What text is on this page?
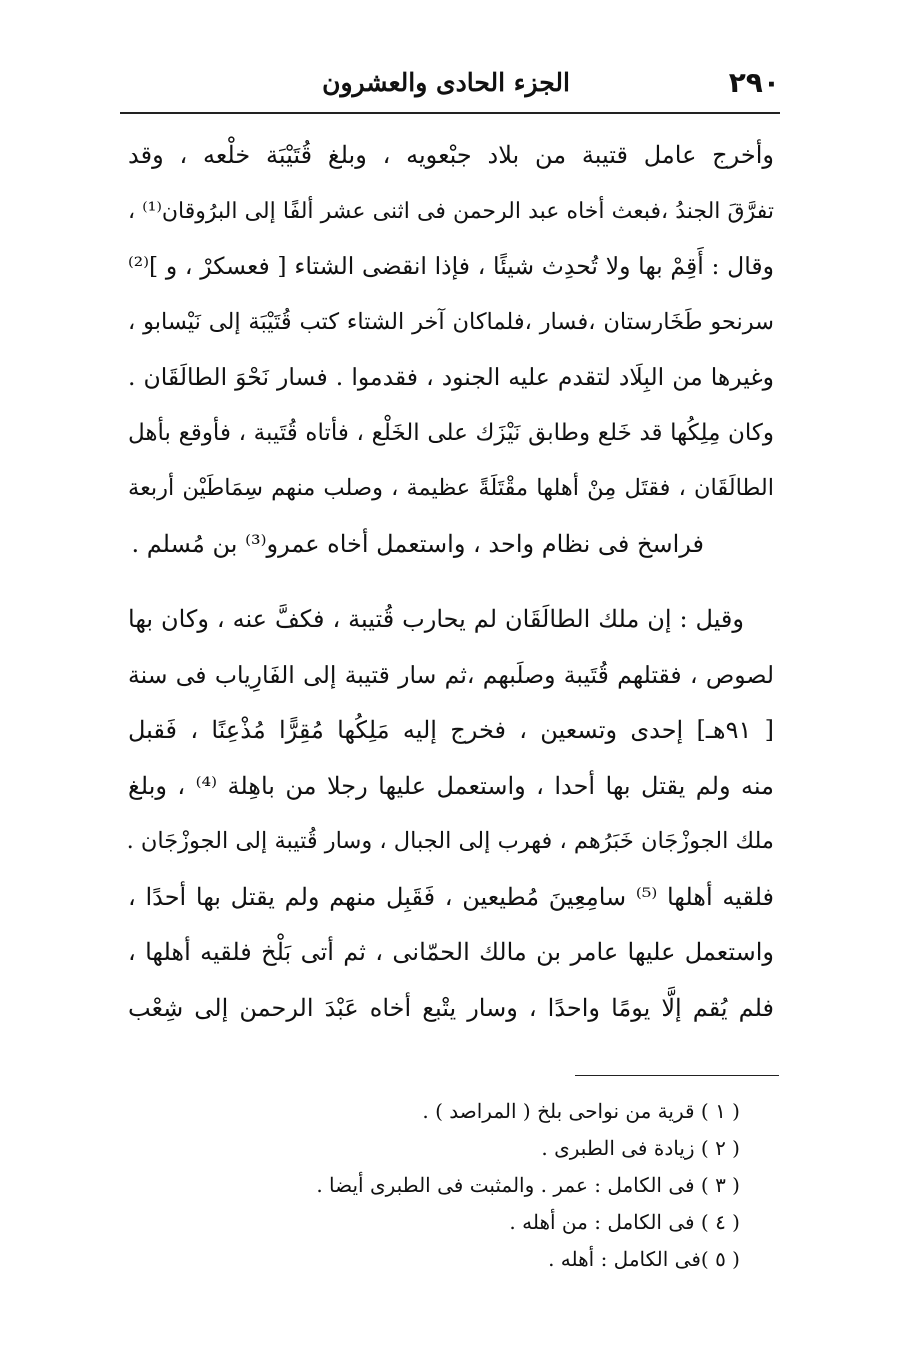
٢٩٠
الجزء الحادى والعشرون
وأخرج عامل قتيبة من بلاد جبْعويه ، وبلغ قُتَيْبَة خلْعه ، وقد
تفرَّقَ الجندُ ،فبعث أخاه عبد الرحمن فى اثنى عشر ألفًا إلى البرُوقان⁽¹⁾ ،
وقال : أَقِمْ بها ولا تُحدِث شيئًا ، فإذا انقضى الشتاء [ فعسكرْ ، و ]⁽²⁾
سرنحو طَخَارستان ،فسار ،فلماكان آخر الشتاء كتب قُتَيْبَة إلى نَيْسابو ،
وغيرها من البِلَاد لتقدم عليه الجنود ، فقدموا . فسار نَحْوَ الطالَقَان .
وكان مِلِكُها قد خَلع وطابق نَيْزَك على الخَلْع ، فأتاه قُتَيبة ، فأوقع بأهل
الطالَقَان ، فقتَل مِنْ أهلها مقْتَلَةً عظيمة ، وصلب منهم سِمَاطَيْن أربعة
فراسخ فى نظام واحد ، واستعمل أخاه عمرو⁽³⁾ بن مُسلم .
وقيل : إن ملك الطالَقَان لم يحارب قُتيبة ، فكفَّ عنه ، وكان بها
لصوص ، فقتلهم قُتَيبة وصلَبهم ،ثم سار قتيبة إلى الفَارِياب فى سنة
[ ٩١هـ] إحدى وتسعين ، فخرج إليه مَلِكُها مُقِرًّا مُذْعِنًا ، فَقبل
منه ولم يقتل بها أحدا ، واستعمل عليها رجلا من باهِلة ⁽⁴⁾ ، وبلغ
ملك الجوزْجَان خَبَرُهم ، فهرب إلى الجبال ، وسار قُتيبة إلى الجوزْجَان .
فلقيه أهلها ⁽⁵⁾ سامِعِينَ مُطيعين ، فَقَبِل منهم ولم يقتل بها أحدًا ،
واستعمل عليها عامر بن مالك الحمّانى ، ثم أتى بَلْخ فلقيه أهلها ،
فلم يُقم إلَّا يومًا واحدًا ، وسار يتْبع أخاه عَبْدَ الرحمن إلى شِعْب
( ١ ) قرية من نواحى بلخ ( المراصد ) .
( ٢ ) زيادة فى الطبرى .
( ٣ ) فى الكامل : عمر . والمثبت فى الطبرى أيضا .
( ٤ ) فى الكامل : من أهله .
( ٥ )فى الكامل : أهله .
